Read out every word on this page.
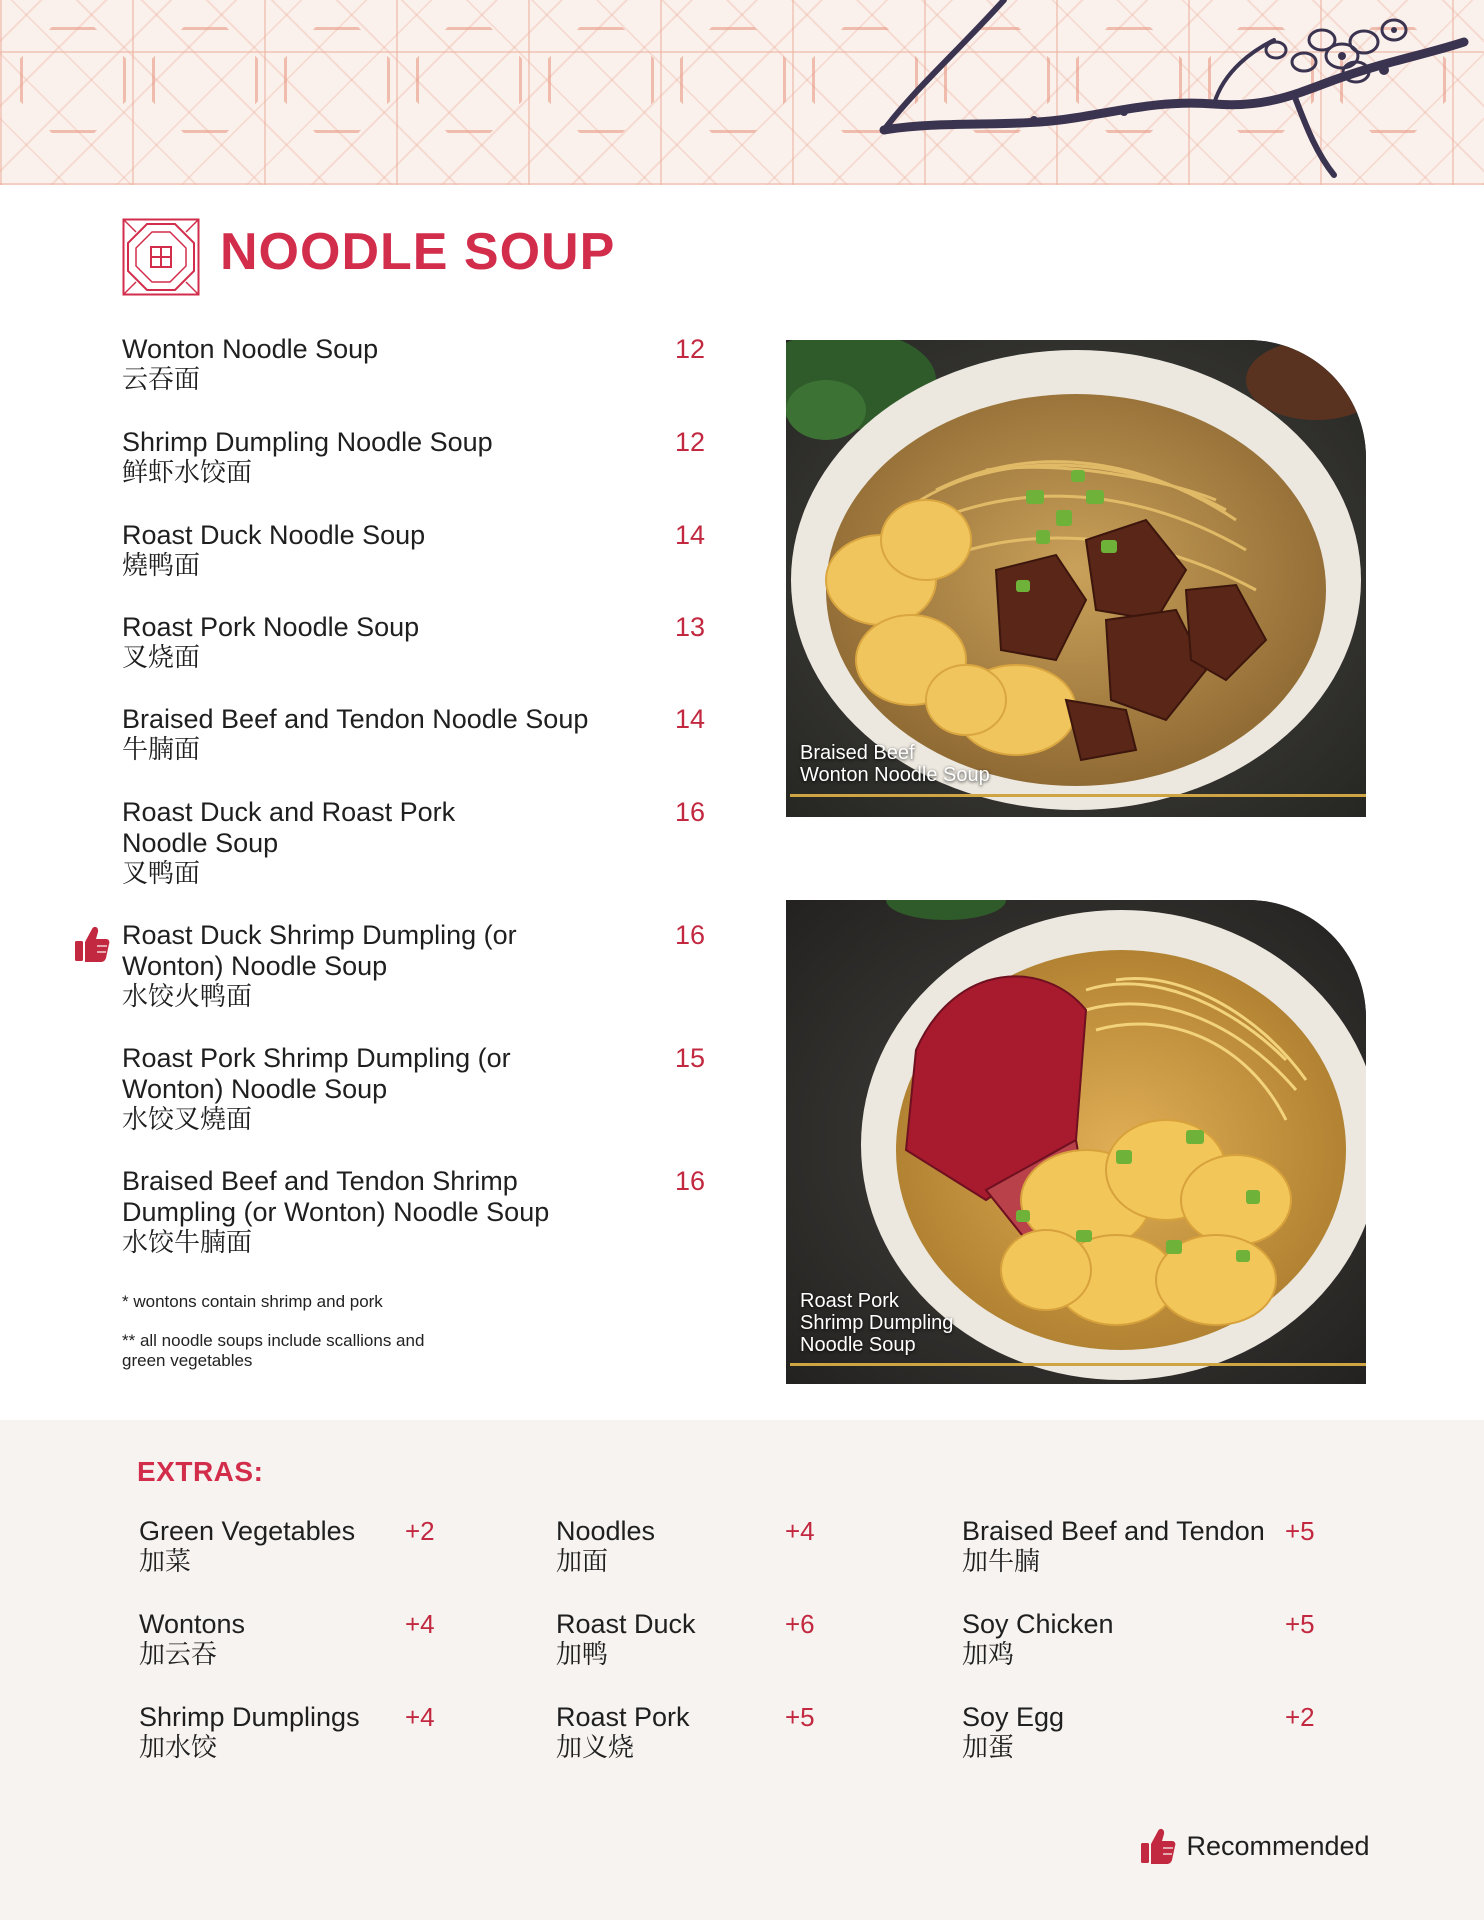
NOODLE SOUP
Wonton Noodle Soup
云吞面
12
Shrimp Dumpling Noodle Soup
鲜虾水饺面
12
Roast Duck Noodle Soup
燒鸭面
14
Roast Pork Noodle Soup
叉烧面
13
Braised Beef and Tendon Noodle Soup
牛腩面
14
Roast Duck and Roast Pork Noodle Soup
叉鸭面
16
Roast Duck Shrimp Dumpling (or Wonton) Noodle Soup
水饺火鸭面
16
Roast Pork Shrimp Dumpling (or Wonton) Noodle Soup
水饺叉燒面
15
Braised Beef and Tendon Shrimp Dumpling (or Wonton) Noodle Soup
水饺牛腩面
16
* wontons contain shrimp and pork
** all noodle soups include scallions and green vegetables
Braised Beef
Wonton Noodle Soup
Roast Pork
Shrimp Dumpling
Noodle Soup
EXTRAS:
Green Vegetables
加菜
+2	Noodles
加面
+4	Braised Beef and Tendon
加牛腩
+5
Wontons
加云吞
+4	Roast Duck
加鸭
+6	Soy Chicken
加鸡
+5
Shrimp Dumplings
加水饺
+4	Roast Pork
加义烧
+5	Soy Egg
加蛋
+2
Recommended
